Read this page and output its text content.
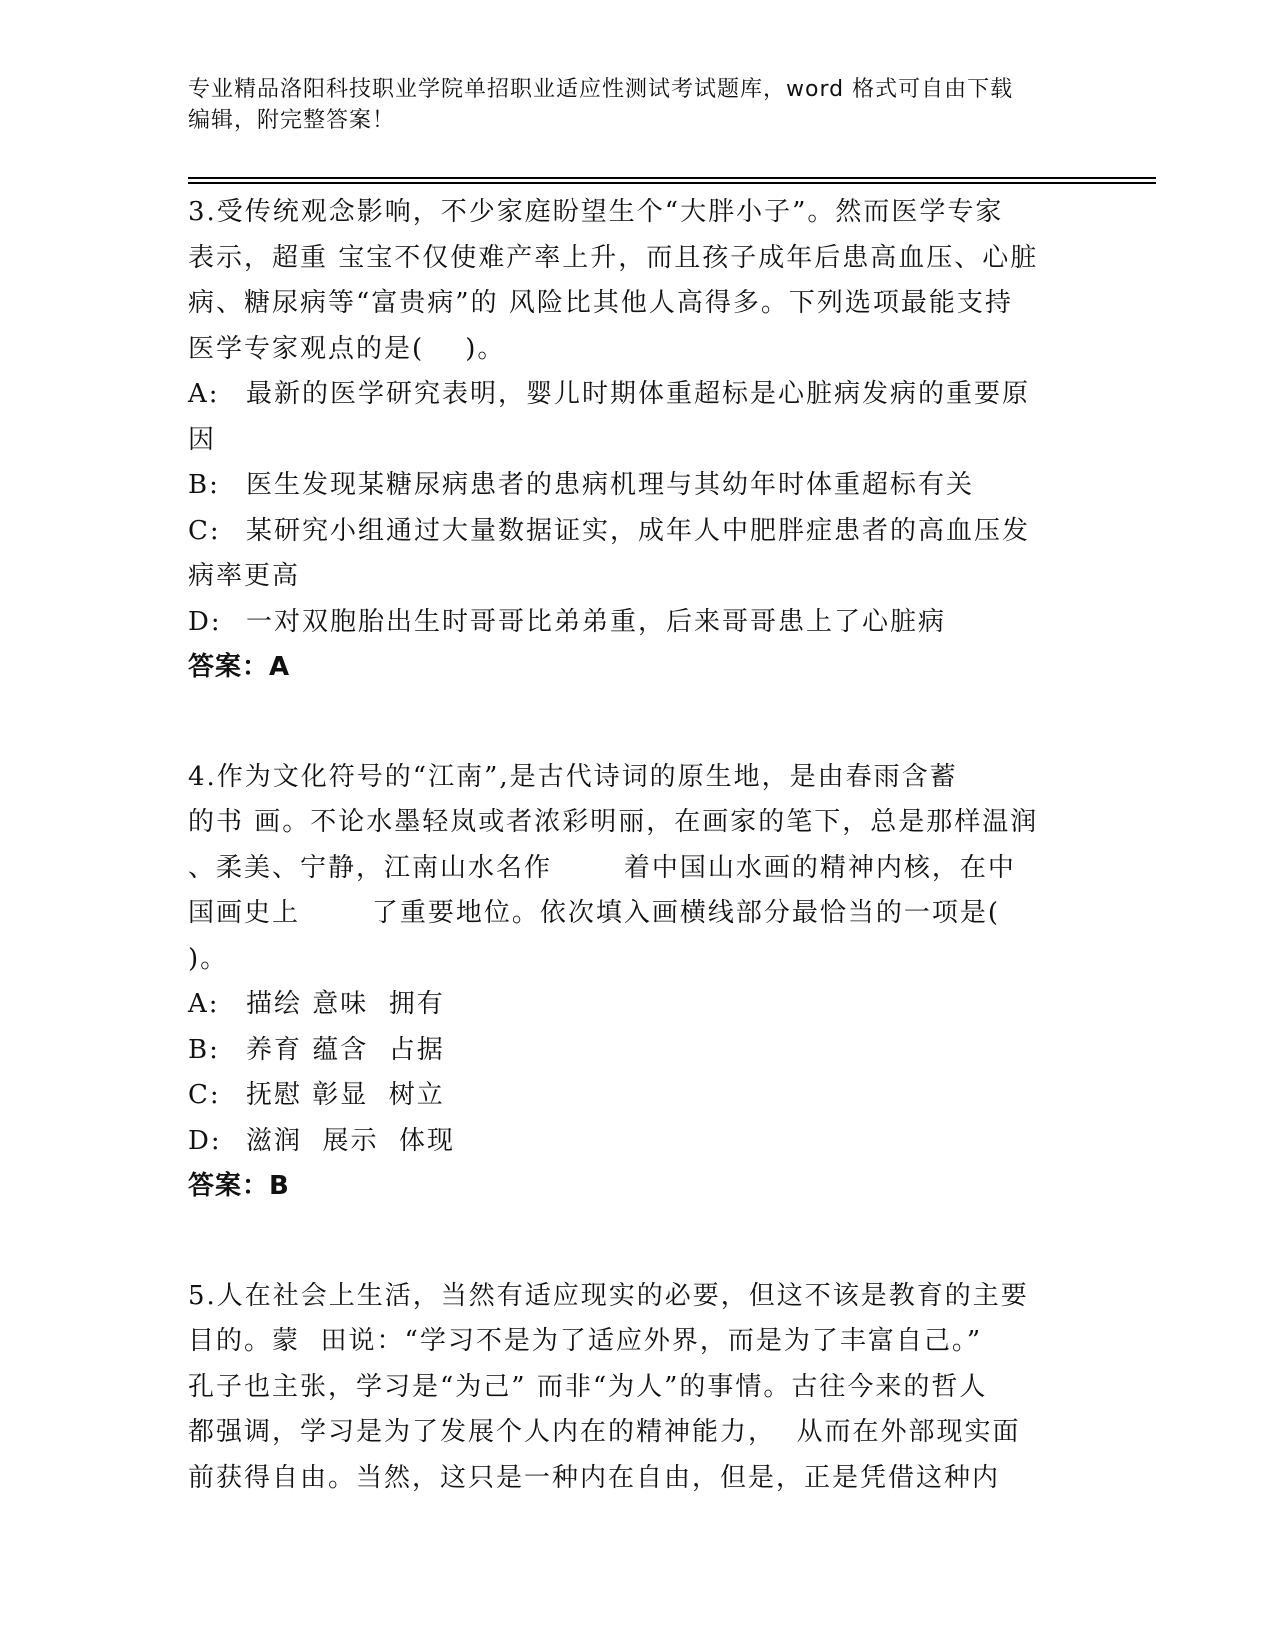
专业精品洛阳科技职业学院单招职业适应性测试考试题库，word 格式可自由下载
编辑，附完整答案！
3.受传统观念影响，不少家庭盼望生个“大胖小子”。然而医学专家
表示，超重 宝宝不仅使难产率上升，而且孩子成年后患高血压、心脏
病、糖尿病等“富贵病”的 风险比其他人高得多。下列选项最能支持
医学专家观点的是(    )。
A: 最新的医学研究表明，婴儿时期体重超标是心脏病发病的重要原
因
B: 医生发现某糖尿病患者的患病机理与其幼年时体重超标有关
C: 某研究小组通过大量数据证实，成年人中肥胖症患者的高血压发
病率更高
D: 一对双胞胎出生时哥哥比弟弟重，后来哥哥患上了心脏病
答案：A
4.作为文化符号的“江南”,是古代诗词的原生地，是由春雨含蓄
的书 画。不论水墨轻岚或者浓彩明丽，在画家的笔下，总是那样温润
、柔美、宁静，江南山水名作       着中国山水画的精神内核，在中
国画史上       了重要地位。依次填入画横线部分最恰当的一项是(
)。
A: 描绘 意味  拥有
B: 养育 蕴含  占据
C: 抚慰 彰显  树立
D: 滋润  展示  体现
答案：B
5.人在社会上生活，当然有适应现实的必要，但这不该是教育的主要
目的。蒙  田说：“学习不是为了适应外界，而是为了丰富自己。”
孔子也主张，学习是“为己” 而非“为人”的事情。古往今来的哲人
都强调，学习是为了发展个人内在的精神能力，  从而在外部现实面
前获得自由。当然，这只是一种内在自由，但是，正是凭借这种内
